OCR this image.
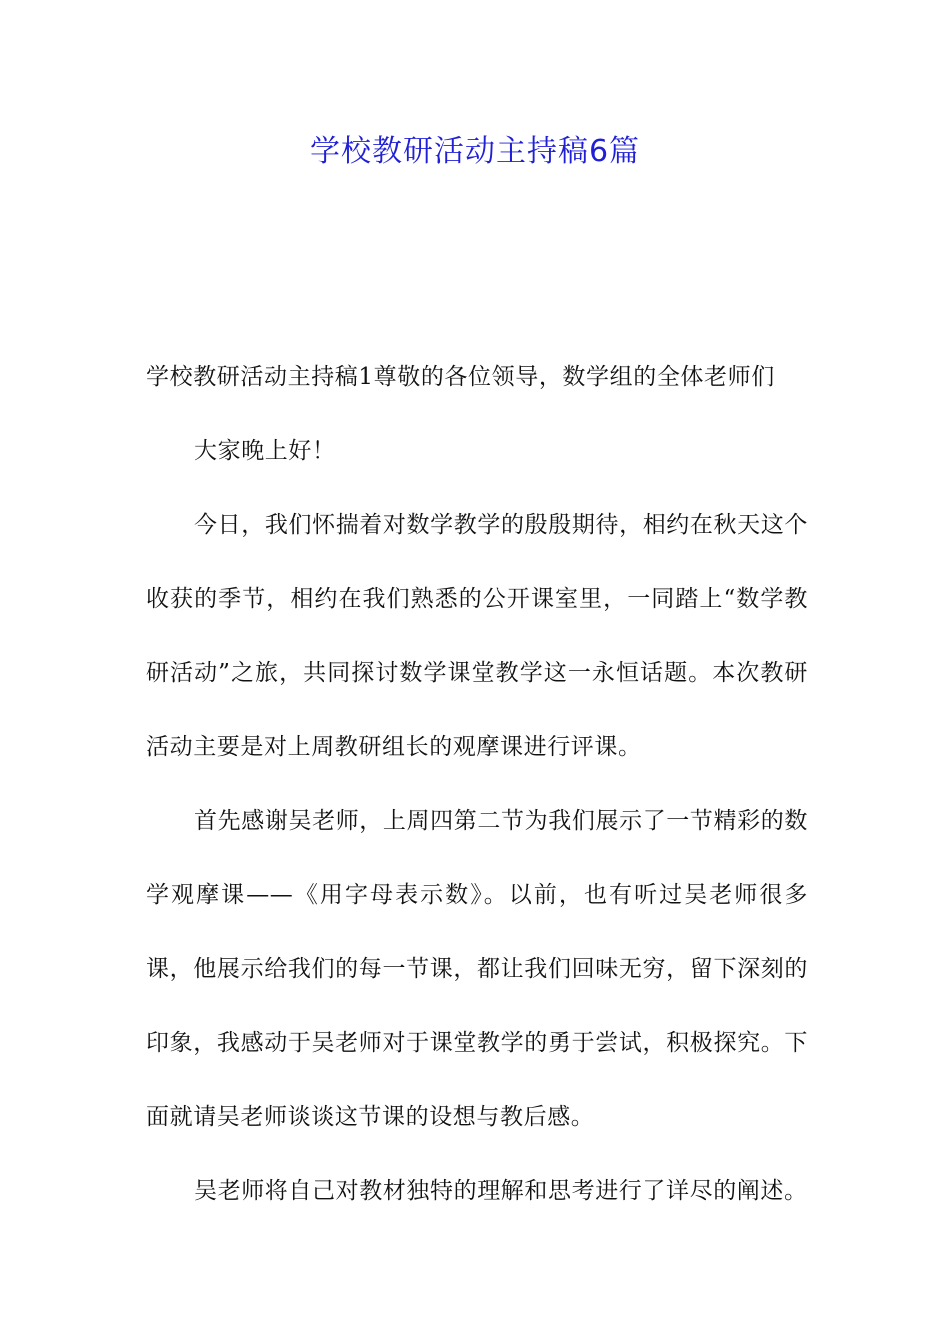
学校教研活动主持稿6篇

学校教研活动主持稿1尊敬的各位领导，数学组的全体老师们

大家晚上好！

今日，我们怀揣着对数学教学的殷殷期待，相约在秋天这个收获的季节，相约在我们熟悉的公开课室里，一同踏上“数学教研活动”之旅，共同探讨数学课堂教学这一永恒话题。本次教研活动主要是对上周教研组长的观摩课进行评课。

首先感谢吴老师，上周四第二节为我们展示了一节精彩的数学观摩课——《用字母表示数》。以前，也有听过吴老师很多课，他展示给我们的每一节课，都让我们回味无穷，留下深刻的印象，我感动于吴老师对于课堂教学的勇于尝试，积极探究。下面就请吴老师谈谈这节课的设想与教后感。

吴老师将自己对教材独特的理解和思考进行了详尽的阐述。
